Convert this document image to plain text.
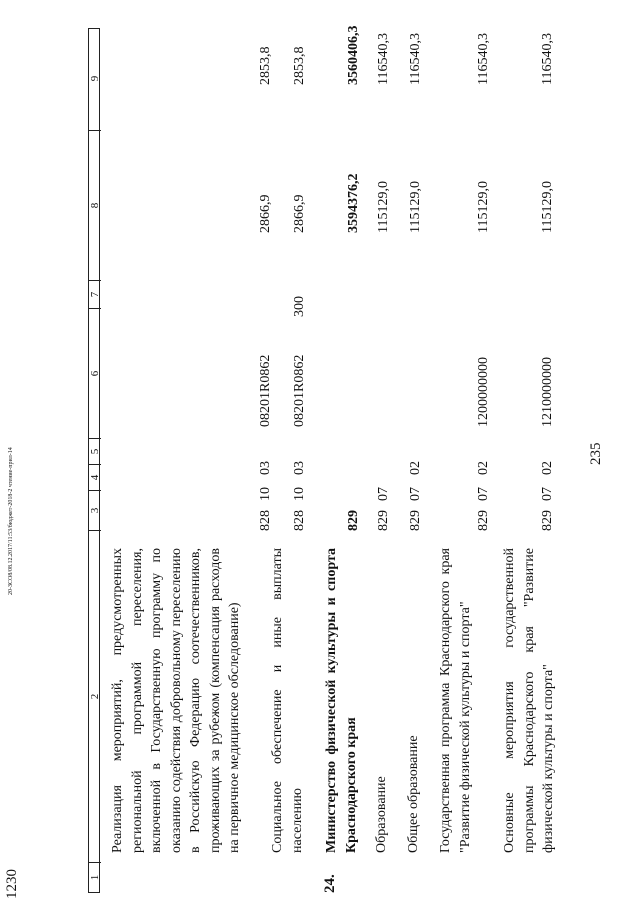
235
1230
20-ЗСО8/08.12.2017/11:53/бюджет-2018-2 чтение-прил-14
1
2
3
4
5
6
7
8
9
Реализация мероприятий, предусмотренных региональной программой переселения, включенной в Государственную программу по оказанию содействия добровольному переселению в Российскую Федерацию соотечественников, проживающих за рубежом (компенсация расходов на первичное медицинское обследование)
828
10
03
08201R0862
2866,9
2853,8
Социальное обеспечение и иные выплаты населению
828
10
03
08201R0862
300
2866,9
2853,8
24.
Министерство физической культуры и спорта Краснодарского края
829
3594376,2
3560406,3
Образование
829
07
115129,0
116540,3
Общее образование
829
07
02
115129,0
116540,3
Государственная программа Краснодарского края "Развитие физической культуры и спорта"
829
07
02
1200000000
115129,0
116540,3
Основные мероприятия государственной программы Краснодарского края "Развитие физической культуры и спорта"
829
07
02
1210000000
115129,0
116540,3
